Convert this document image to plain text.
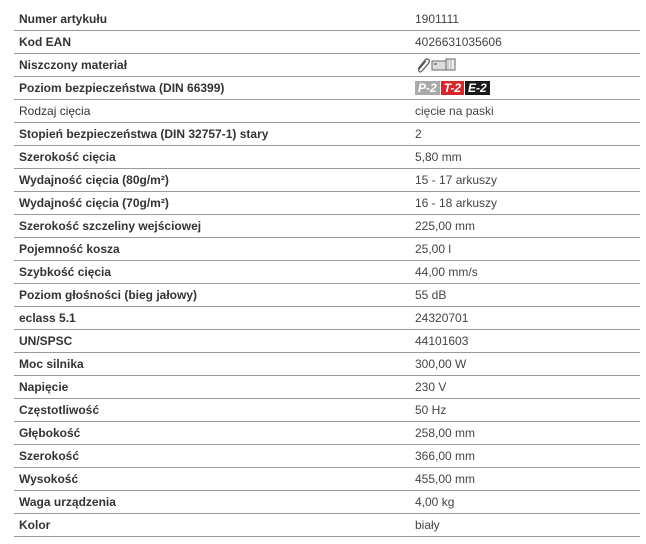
Numer artykułu	1901111
Kod EAN	4026631035606
Niszczony materiał
Poziom bezpieczeństwa (DIN 66399)	P-2 T-2 E-2
Rodzaj cięcia	cięcie na paski
Stopień bezpieczeństwa (DIN 32757-1) stary	2
Szerokość cięcia	5,80 mm
Wydajność cięcia (80g/m²)	15 - 17 arkuszy
Wydajność cięcia (70g/m²)	16 - 18 arkuszy
Szerokość szczeliny wejściowej	225,00 mm
Pojemność kosza	25,00 l
Szybkość cięcia	44,00 mm/s
Poziom głośności (bieg jałowy)	55 dB
eclass 5.1	24320701
UN/SPSC	44101603
Moc silnika	300,00 W
Napięcie	230 V
Częstotliwość	50 Hz
Głębokość	258,00 mm
Szerokość	366,00 mm
Wysokość	455,00 mm
Waga urządzenia	4,00 kg
Kolor	biały
